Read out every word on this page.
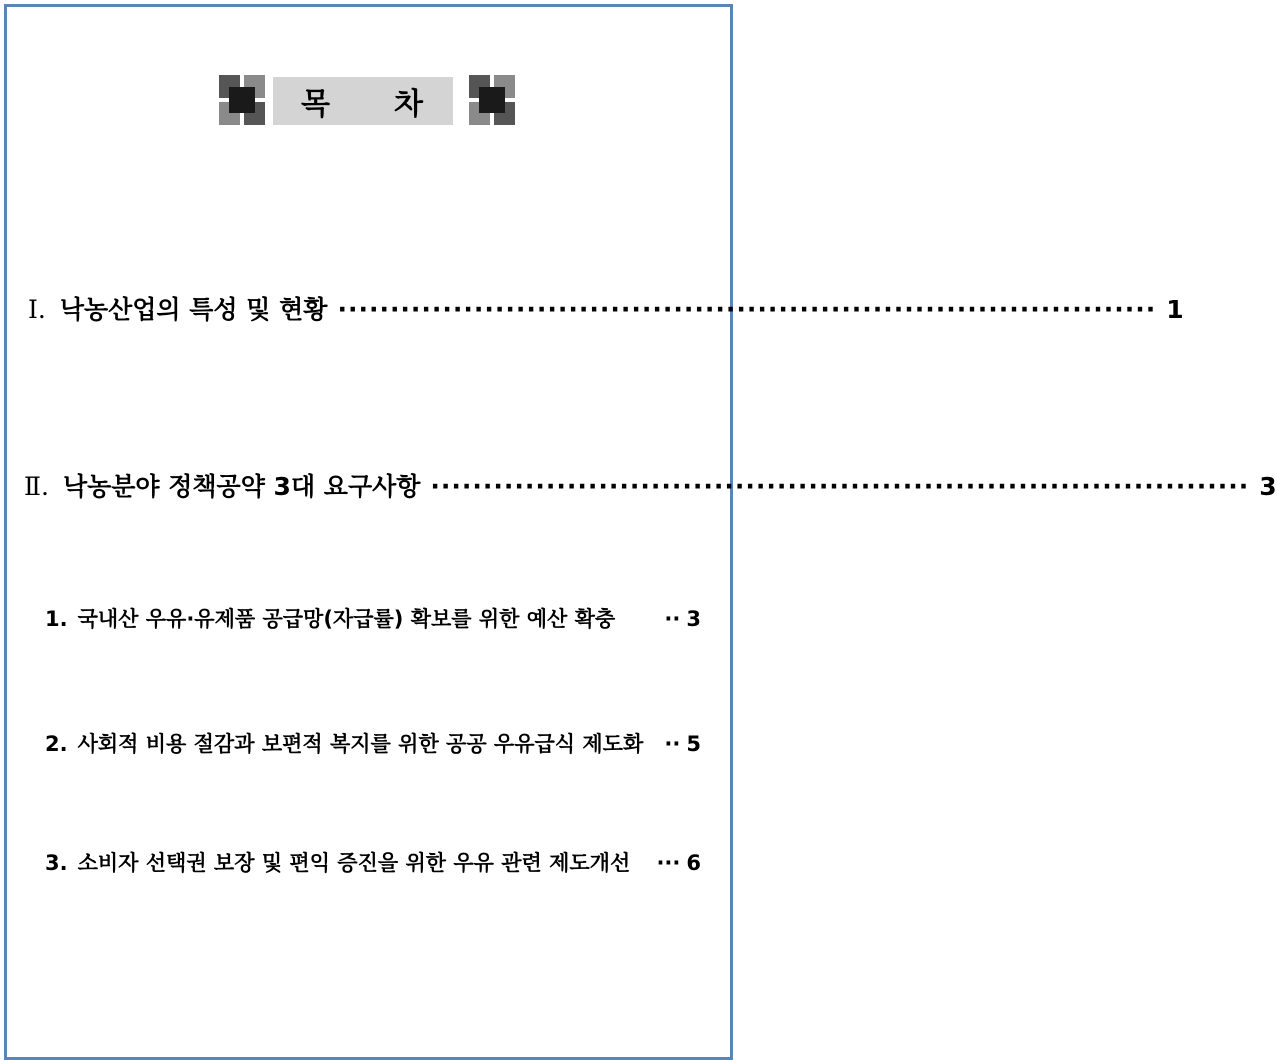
목 차
Ⅰ. 낙농산업의 특성 및 현황 ·············································································· 1
Ⅱ. 낙농분야 정책공약 3대 요구사항 ·············································································· 3
1. 국내산 우유·유제품 공급망(자급률) 확보를 위한 예산 확충	·· 3
2. 사회적 비용 절감과 보편적 복지를 위한 공공 우유급식 제도화	·· 5
3. 소비자 선택권 보장 및 편익 증진을 위한 우유 관련 제도개선	··· 6
